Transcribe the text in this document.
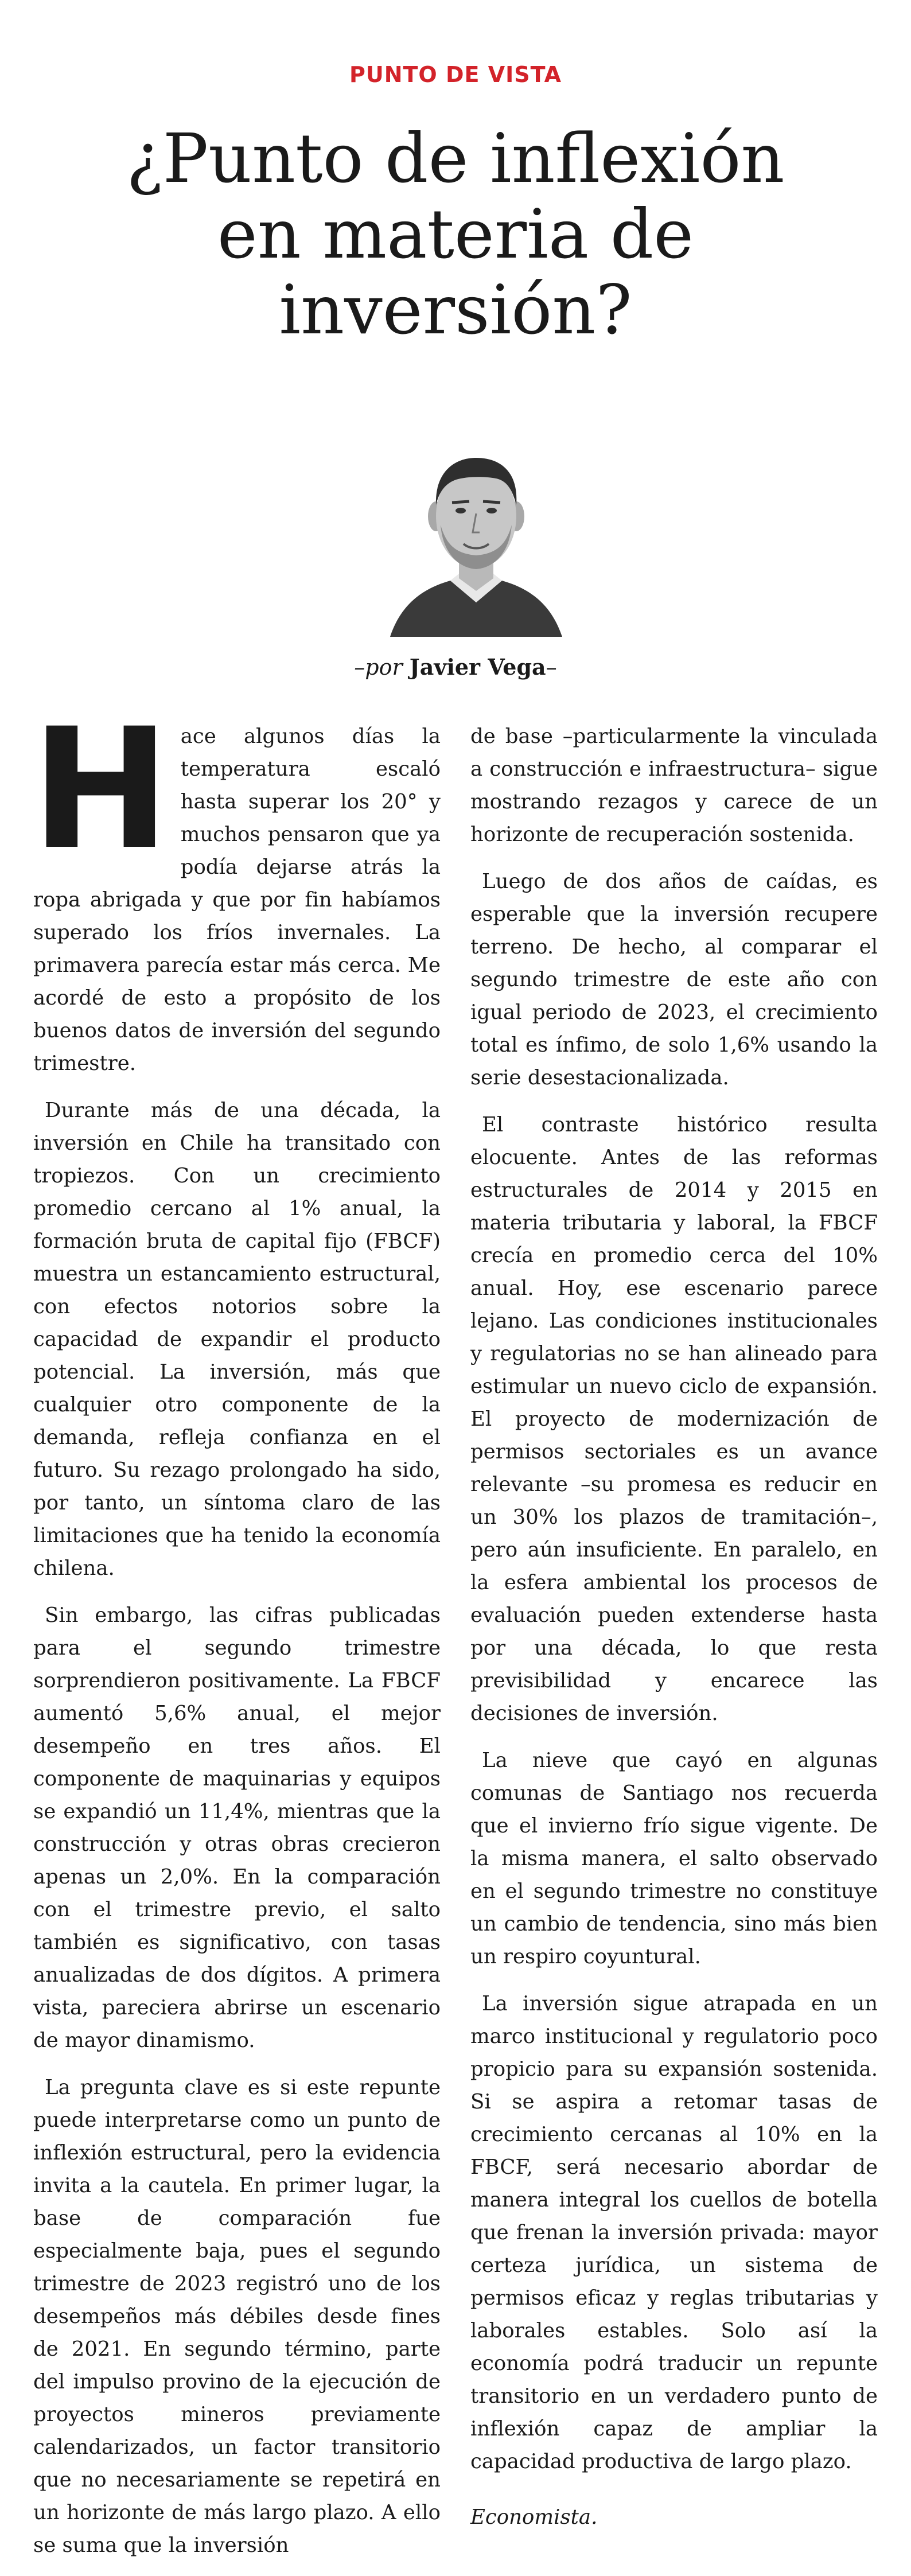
PUNTO DE VISTA
¿Punto de inflexión
en materia de
inversión?
–por Javier Vega–

Hace algunos días la temperatura escaló hasta superar los 20° y muchos pensaron que ya podía dejarse atrás la ropa abrigada y que por fin habíamos superado los fríos invernales. La primavera parecía estar más cerca. Me acordé de esto a propósito de los buenos datos de inversión del segundo trimestre.

Durante más de una década, la inversión en Chile ha transitado con tropiezos. Con un crecimiento promedio cercano al 1% anual, la formación bruta de capital fijo (FBCF) muestra un estancamiento estructural, con efectos notorios sobre la capacidad de expandir el producto potencial. La inversión, más que cualquier otro componente de la demanda, refleja confianza en el futuro. Su rezago prolongado ha sido, por tanto, un síntoma claro de las limitaciones que ha tenido la economía chilena.

Sin embargo, las cifras publicadas para el segundo trimestre sorprendieron positivamente. La FBCF aumentó 5,6% anual, el mejor desempeño en tres años. El componente de maquinarias y equipos se expandió un 11,4%, mientras que la construcción y otras obras crecieron apenas un 2,0%. En la comparación con el trimestre previo, el salto también es significativo, con tasas anualizadas de dos dígitos. A primera vista, pareciera abrirse un escenario de mayor dinamismo.

La pregunta clave es si este repunte puede interpretarse como un punto de inflexión estructural, pero la evidencia invita a la cautela. En primer lugar, la base de comparación fue especialmente baja, pues el segundo trimestre de 2023 registró uno de los desempeños más débiles desde fines de 2021. En segundo término, parte del impulso provino de la ejecución de proyectos mineros previamente calendarizados, un factor transitorio que no necesariamente se repetirá en un horizonte de más largo plazo. A ello se suma que la inversión

de base –particularmente la vinculada a construcción e infraestructura– sigue mostrando rezagos y carece de un horizonte de recuperación sostenida.

Luego de dos años de caídas, es esperable que la inversión recupere terreno. De hecho, al comparar el segundo trimestre de este año con igual periodo de 2023, el crecimiento total es ínfimo, de solo 1,6% usando la serie desestacionalizada.

El contraste histórico resulta elocuente. Antes de las reformas estructurales de 2014 y 2015 en materia tributaria y laboral, la FBCF crecía en promedio cerca del 10% anual. Hoy, ese escenario parece lejano. Las condiciones institucionales y regulatorias no se han alineado para estimular un nuevo ciclo de expansión. El proyecto de modernización de permisos sectoriales es un avance relevante –su promesa es reducir en un 30% los plazos de tramitación–, pero aún insuficiente. En paralelo, en la esfera ambiental los procesos de evaluación pueden extenderse hasta por una década, lo que resta previsibilidad y encarece las decisiones de inversión.

La nieve que cayó en algunas comunas de Santiago nos recuerda que el invierno frío sigue vigente. De la misma manera, el salto observado en el segundo trimestre no constituye un cambio de tendencia, sino más bien un respiro coyuntural.

La inversión sigue atrapada en un marco institucional y regulatorio poco propicio para su expansión sostenida. Si se aspira a retomar tasas de crecimiento cercanas al 10% en la FBCF, será necesario abordar de manera integral los cuellos de botella que frenan la inversión privada: mayor certeza jurídica, un sistema de permisos eficaz y reglas tributarias y laborales estables. Solo así la economía podrá traducir un repunte transitorio en un verdadero punto de inflexión capaz de ampliar la capacidad productiva de largo plazo.

Economista.
